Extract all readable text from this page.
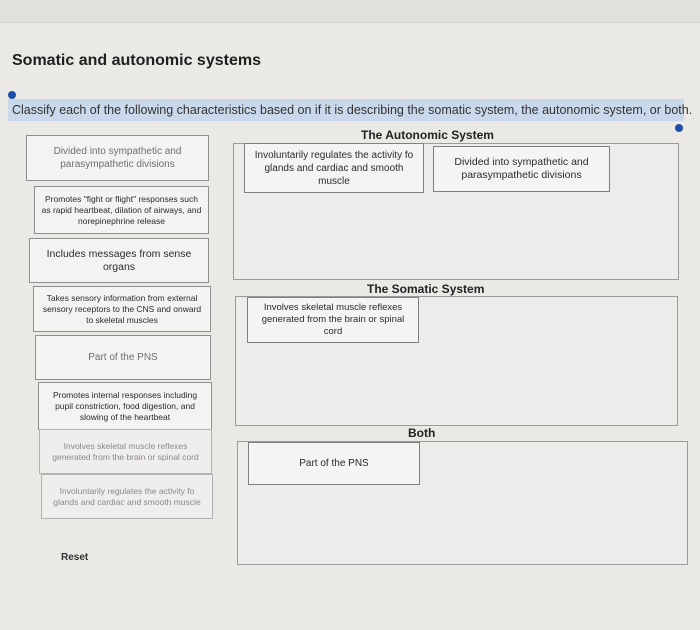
Somatic and autonomic systems
Classify each of the following characteristics based on if it is describing the somatic system, the autonomic system, or both.
Divided into sympathetic and parasympathetic divisions
Promotes "fight or flight" responses such as rapid heartbeat, dilation of airways, and norepinephrine release
Includes messages from sense organs
Takes sensory information from external sensory receptors to the CNS and onward to skeletal muscles
Part of the PNS
Promotes internal responses including pupil constriction, food digestion, and slowing of the heartbeat
Involves skeletal muscle reflexes generated from the brain or spinal cord
Involuntarily regulates the activity fo glands and cardiac and smooth muscle
Reset
The Autonomic System
Involuntarily regulates the activity fo glands and cardiac and smooth muscle
Divided into sympathetic and parasympathetic divisions
The Somatic System
Involves skeletal muscle reflexes generated from the brain or spinal cord
Both
Part of the PNS
